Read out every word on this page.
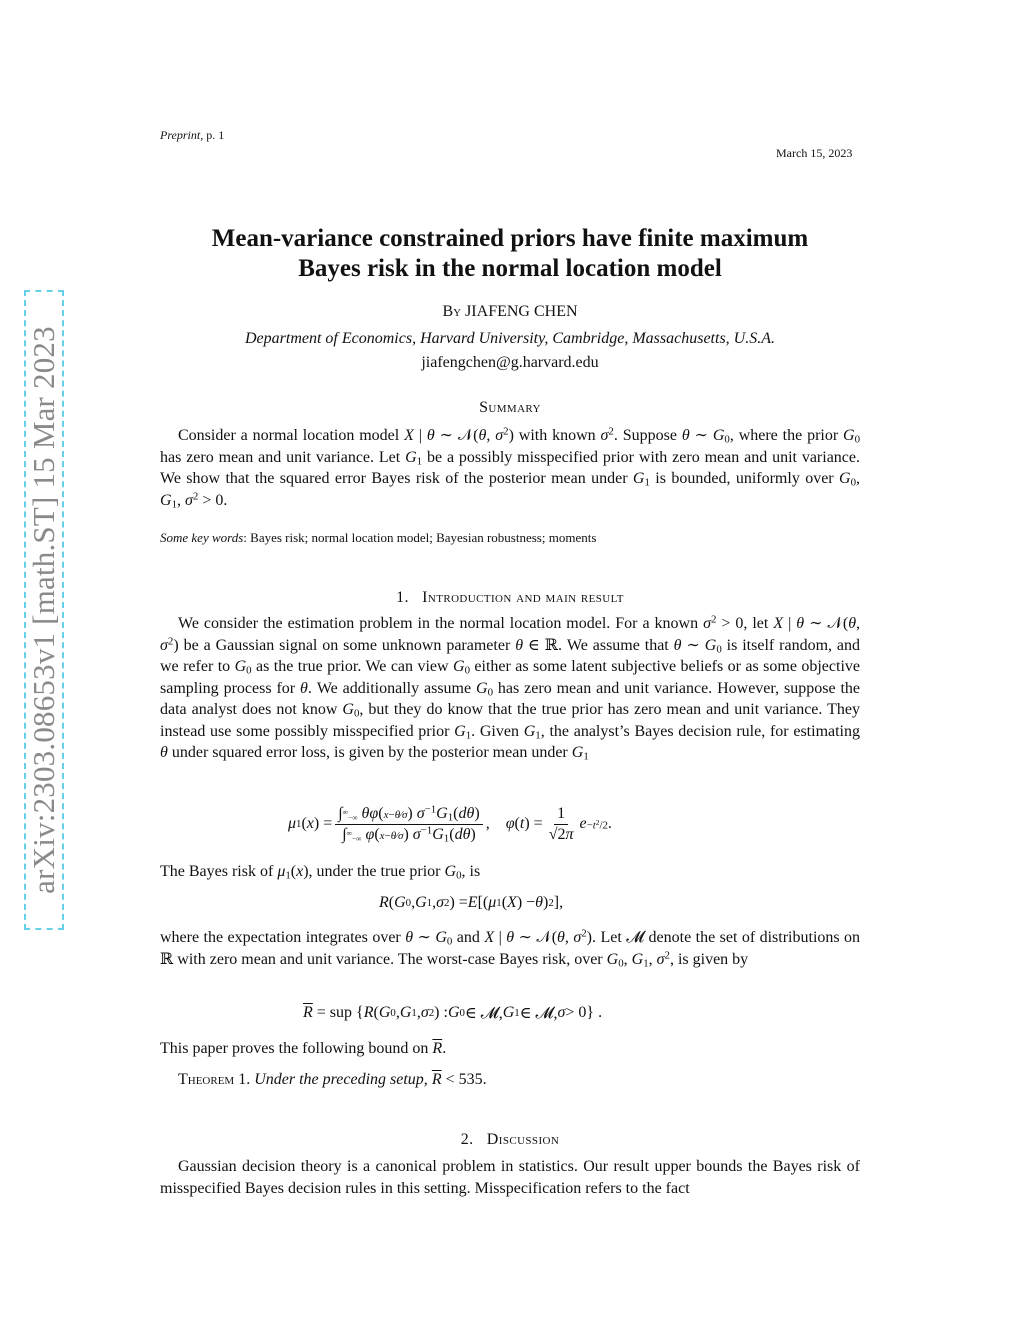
arXiv:2303.08653v1 [math.ST] 15 Mar 2023
Preprint, p. 1
March 15, 2023
Mean-variance constrained priors have finite maximum
Bayes risk in the normal location model
By JIAFENG CHEN
Department of Economics, Harvard University, Cambridge, Massachusetts, U.S.A.
jiafengchen@g.harvard.edu
Summary
Consider a normal location model X | θ ∼ 𝒩(θ, $\sigma^2$) with known $\sigma^2$. Suppose θ ∼ $G_0$, where the prior $G_0$ has zero mean and unit variance. Let $G_1$ be a possibly misspecified prior with zero mean and unit variance. We show that the squared error Bayes risk of the posterior mean under $G_1$ is bounded, uniformly over $G_0$, $G_1$, $\sigma^2 > 0$.
Some key words: Bayes risk; normal location model; Bayesian robustness; moments
1. Introduction and main result
We consider the estimation problem in the normal location model. For a known $\sigma^2 > 0$, let X | θ ∼ 𝒩(θ, $\sigma^2$) be a Gaussian signal on some unknown parameter θ ∈ ℝ. We assume that θ ∼ $G_0$ is itself random, and we refer to $G_0$ as the true prior. We can view $G_0$ either as some latent subjective beliefs or as some objective sampling process for θ. We additionally assume $G_0$ has zero mean and unit variance. However, suppose the data analyst does not know $G_0$, but they do know that the true prior has zero mean and unit variance. They instead use some possibly misspecified prior $G_1$. Given $G_1$, the analyst’s Bayes decision rule, for estimating θ under squared error loss, is given by the posterior mean under $G_1$
μ 1 ( x ) = $\frac{\int^\infty_{-\infty} \theta\varphi(x-\theta⁄\sigma) \sigma^{-1}G_1(d\theta)}{\int^\infty_{-\infty} \varphi(x-\theta⁄\sigma) \sigma^{-1}G_1(d\theta)}$ , φ ( t ) = $\frac{1}{√2\pi}$ $e -t^2/2$ .
The Bayes risk of $\mu_1(x)$, under the true prior $G_0$, is
R ( G 0 , G 1 , σ 2 ) = E [( μ 1 ( X ) − θ ) 2 ],
where the expectation integrates over θ ∼ $G_0$ and X | θ ∼ 𝒩(θ, $\sigma^2$). Let 𝓜 denote the set of distributions on ℝ with zero mean and unit variance. The worst-case Bayes risk, over $G_0$, $G_1$, $\sigma^2$, is given by
$\overline{R}$ = sup { R ( G 0 , G 1 , σ 2 ) : G 0 ∈ 𝓜, G 1 ∈ 𝓜, σ > 0} .
This paper proves the following bound on $\overline{R}$.
Theorem 1. Under the preceding setup, $\overline{R} < 535$.
2. Discussion
Gaussian decision theory is a canonical problem in statistics. Our result upper bounds the Bayes risk of misspecified Bayes decision rules in this setting. Misspecification refers to the fact
